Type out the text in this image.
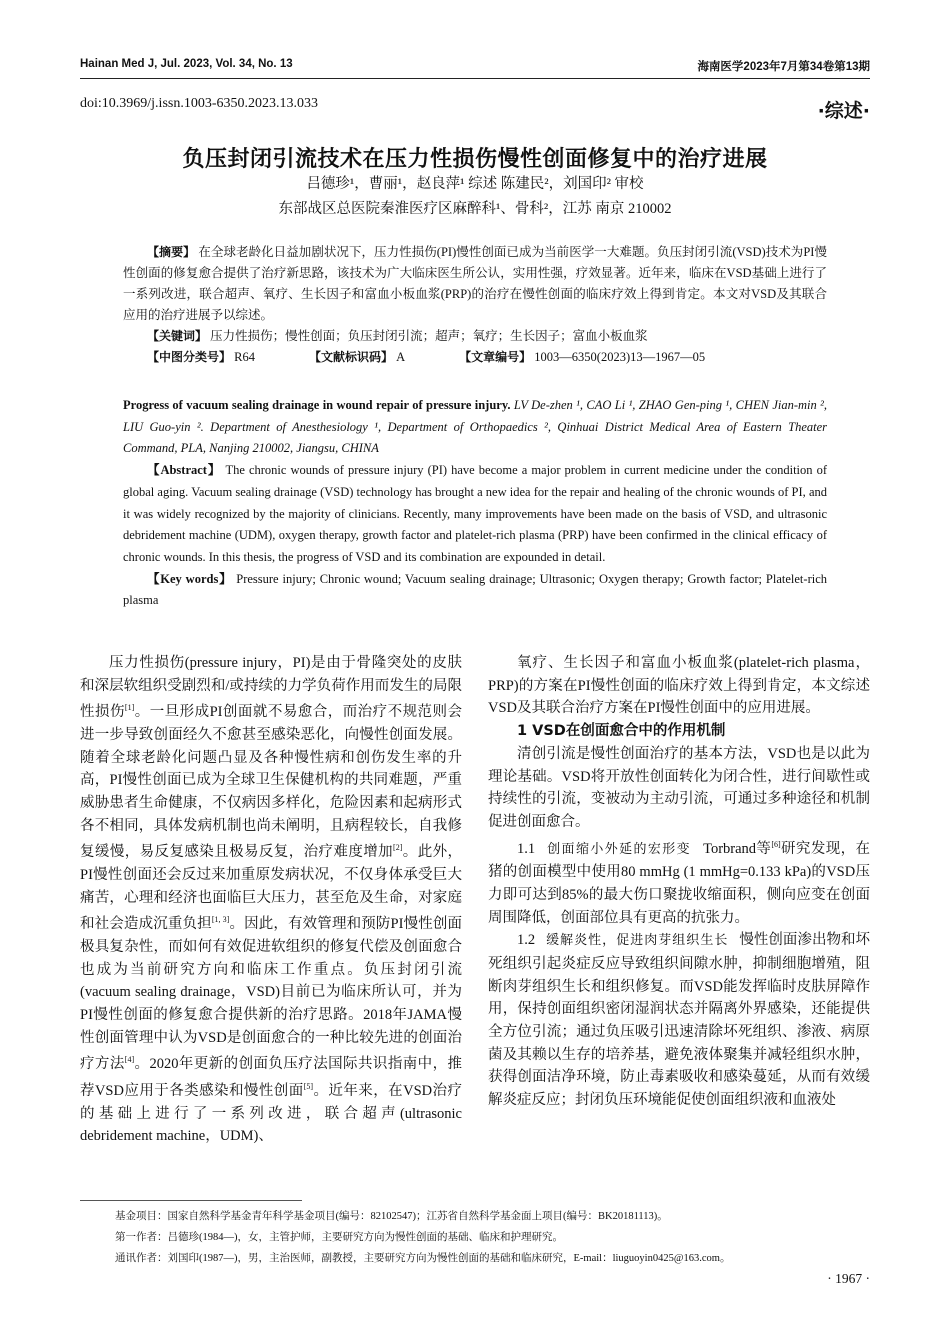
Hainan Med J, Jul. 2023, Vol. 34, No. 13	海南医学2023年7月第34卷第13期
doi:10.3969/j.issn.1003-6350.2023.13.033	·综述·
负压封闭引流技术在压力性损伤慢性创面修复中的治疗进展
吕德珍¹，曹丽¹，赵良萍¹ 综述 陈建民²，刘国印² 审校
东部战区总医院秦淮医疗区麻醉科¹、骨科²，江苏 南京 210002
【摘要】 在全球老龄化日益加剧状况下，压力性损伤(PI)慢性创面已成为当前医学一大难题。负压封闭引流(VSD)技术为PI慢性创面的修复愈合提供了治疗新思路，该技术为广大临床医生所公认，实用性强，疗效显著。近年来，临床在VSD基础上进行了一系列改进，联合超声、氧疗、生长因子和富血小板血浆(PRP)的治疗在慢性创面的临床疗效上得到肯定。本文对VSD及其联合应用的治疗进展予以综述。
【关键词】 压力性损伤；慢性创面；负压封闭引流；超声；氧疗；生长因子；富血小板血浆
【中图分类号】 R64	【文献标识码】 A	【文章编号】 1003—6350(2023)13—1967—05
Progress of vacuum sealing drainage in wound repair of pressure injury. LV De-zhen ¹, CAO Li ¹, ZHAO Gen-ping ¹, CHEN Jian-min ², LIU Guo-yin ². Department of Anesthesiology ¹, Department of Orthopaedics ², Qinhuai District Medical Area of Eastern Theater Command, PLA, Nanjing 210002, Jiangsu, CHINA
【Abstract】 The chronic wounds of pressure injury (PI) have become a major problem in current medicine under the condition of global aging. Vacuum sealing drainage (VSD) technology has brought a new idea for the repair and healing of the chronic wounds of PI, and it was widely recognized by the majority of clinicians. Recently, many improvements have been made on the basis of VSD, and ultrasonic debridement machine (UDM), oxygen therapy, growth factor and platelet-rich plasma (PRP) have been confirmed in the clinical efficacy of chronic wounds. In this thesis, the progress of VSD and its combination are expounded in detail.
【Key words】 Pressure injury; Chronic wound; Vacuum sealing drainage; Ultrasonic; Oxygen therapy; Growth factor; Platelet-rich plasma

压力性损伤(pressure injury，PI)是由于骨隆突处的皮肤和深层软组织受剧烈和/或持续的力学负荷作用而发生的局限性损伤[1]。一旦形成PI创面就不易愈合，而治疗不规范则会进一步导致创面经久不愈甚至感染恶化，向慢性创面发展。随着全球老龄化问题凸显及各种慢性病和创伤发生率的升高，PI慢性创面已成为全球卫生保健机构的共同难题，严重威胁患者生命健康，不仅病因多样化，危险因素和起病形式各不相同，具体发病机制也尚未阐明，且病程较长，自我修复缓慢，易反复感染且极易反复，治疗难度增加[2]。此外，PI慢性创面还会反过来加重原发病状况，不仅身体承受巨大痛苦，心理和经济也面临巨大压力，甚至危及生命，对家庭和社会造成沉重负担[1, 3]。因此，有效管理和预防PI慢性创面极具复杂性，而如何有效促进软组织的修复代偿及创面愈合也成为当前研究方向和临床工作重点。负压封闭引流(vacuum sealing drainage，VSD)目前已为临床所认可，并为PI慢性创面的修复愈合提供新的治疗思路。2018年JAMA慢性创面管理中认为VSD是创面愈合的一种比较先进的创面治疗方法[4]。2020年更新的创面负压疗法国际共识指南中，推荐VSD应用于各类感染和慢性创面[5]。近年来，在VSD治疗的基础上进行了一系列改进，联合超声(ultrasonic debridement machine，UDM)、

氧疗、生长因子和富血小板血浆(platelet-rich plasma，PRP)的方案在PI慢性创面的临床疗效上得到肯定，本文综述VSD及其联合治疗方案在PI慢性创面中的应用进展。

1 VSD在创面愈合中的作用机制

清创引流是慢性创面治疗的基本方法，VSD也是以此为理论基础。VSD将开放性创面转化为闭合性，进行间歇性或持续性的引流，变被动为主动引流，可通过多种途径和机制促进创面愈合。

1.1 创面缩小外延的宏形变 Torbrand等[6]研究发现，在猪的创面模型中使用80 mmHg (1 mmHg=0.133 kPa)的VSD压力即可达到85%的最大伤口聚拢收缩面积，侧向应变在创面周围降低，创面部位具有更高的抗张力。

1.2 缓解炎性，促进肉芽组织生长 慢性创面渗出物和坏死组织引起炎症反应导致组织间隙水肿，抑制细胞增殖，阻断肉芽组织生长和组织修复。而VSD能发挥临时皮肤屏障作用，保持创面组织密闭湿润状态并隔离外界感染，还能提供全方位引流；通过负压吸引迅速清除坏死组织、渗液、病原菌及其赖以生存的培养基，避免液体聚集并减轻组织水肿，获得创面洁净环境，防止毒素吸收和感染蔓延，从而有效缓解炎症反应；封闭负压环境能促使创面组织液和血液处

基金项目：国家自然科学基金青年科学基金项目(编号：82102547)；江苏省自然科学基金面上项目(编号：BK20181113)。
第一作者：吕德珍(1984—)，女，主管护师，主要研究方向为慢性创面的基础、临床和护理研究。
通讯作者：刘国印(1987—)，男，主治医师，副教授，主要研究方向为慢性创面的基础和临床研究，E-mail：liuguoyin0425@163.com。
· 1967 ·
